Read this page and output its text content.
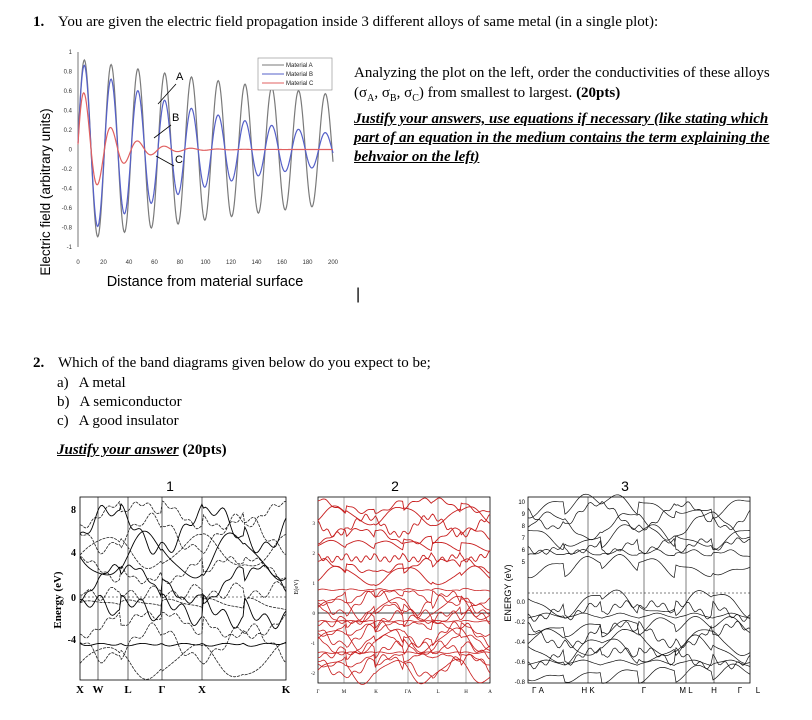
1. You are given the electric field propagation inside 3 different alloys of same metal (in a single plot):
1
0.8
0.6
0.4
0.2
0
-0.2
-0.4
-0.6
-0.8
-1
0	20	40	60	80	100	120	140	160	180	200
Material A
Material B
Material C
A
B
C
Electric field (arbitrary units)
Distance from material surface
Analyzing the plot on the left, order the conductivities of these alloys
($\sigma_A$, $\sigma_B$, $\sigma_C$) from smallest to largest. (20pts)
Justify your answers, use equations if necessary (like stating which
part of an equation in the medium contains the term explaining the
behvaior on the left)
|
2. Which of the band diagrams given below do you expect to be;
a) A metal
b) A semiconductor
c) A good insulator
Justify your answer (20pts)
X W L Γ	X	K
8
4
0
-4
1
Energy (eV)
Γ	M	K	ΓA	L	H	A
3
2
1
0
-1
-2
2
E(eV)
Γ A	H K	Γ	M L H	Γ L
10
9
8
7
6
5
0.0
-0.2
-0.4
-0.6
-0.8
3
ENERGY (eV)
